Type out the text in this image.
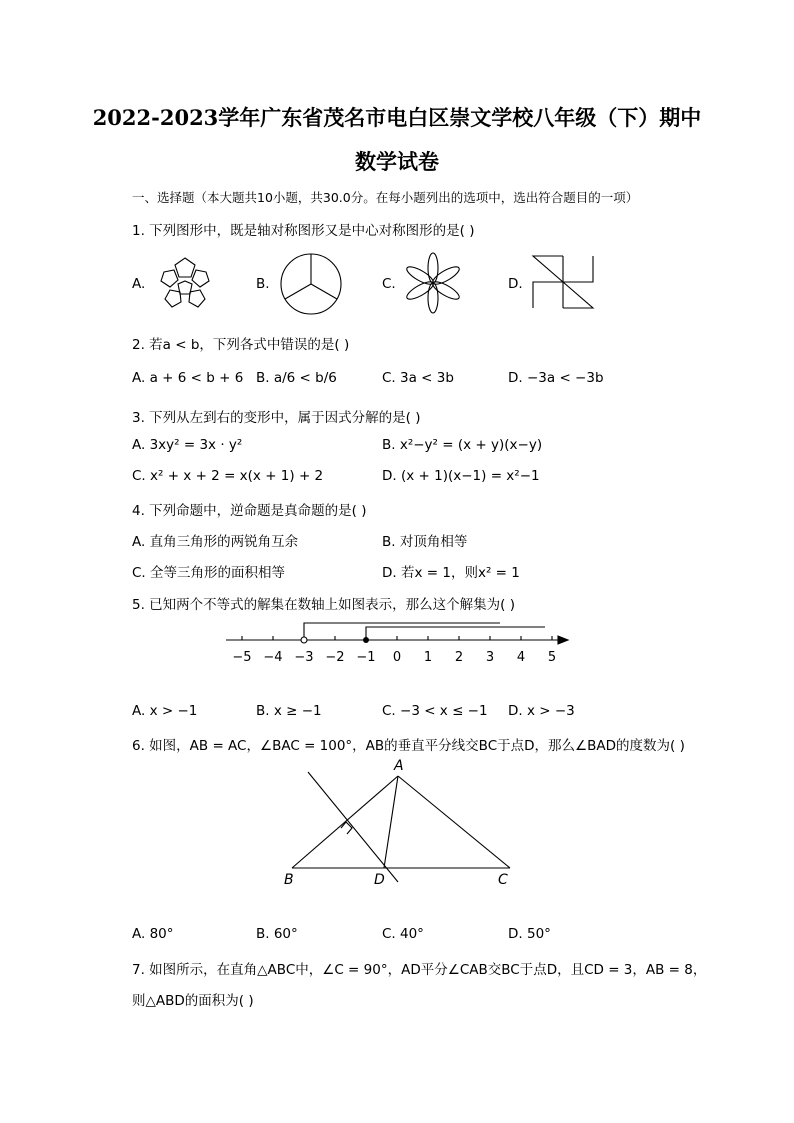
2022-2023学年广东省茂名市电白区崇文学校八年级（下）期中
数学试卷
一、选择题（本大题共10小题，共30.0分。在每小题列出的选项中，选出符合题目的一项）
1. 下列图形中，既是轴对称图形又是中心对称图形的是( )
A.	B.	C.	D.
2. 若a < b，下列各式中错误的是( )
A. a + 6 < b + 6 B. a/6 < b/6	C. 3a < 3b	D. −3a < −3b
3. 下列从左到右的变形中，属于因式分解的是( )
A. 3xy² = 3x · y²	B. x²−y² = (x + y)(x−y)
C. x² + x + 2 = x(x + 1) + 2	D. (x + 1)(x−1) = x²−1
4. 下列命题中，逆命题是真命题的是( )
A. 直角三角形的两锐角互余	B. 对顶角相等
C. 全等三角形的面积相等	D. 若x = 1，则x² = 1
5. 已知两个不等式的解集在数轴上如图表示，那么这个解集为( )
−5 −4 −3 −2 −1 0 1 2 3 4 5
A. x > −1	B. x ≥ −1	C. −3 < x ≤ −1 D. x > −3
6. 如图，AB = AC，∠BAC = 100°，AB的垂直平分线交BC于点D，那么∠BAD的度数为( )
A
B	D	C
A. 80°	B. 60°	C. 40°	D. 50°
7. 如图所示，在直角△ABC中，∠C = 90°，AD平分∠CAB交BC于点D，且CD = 3，AB = 8，
则△ABD的面积为( )
